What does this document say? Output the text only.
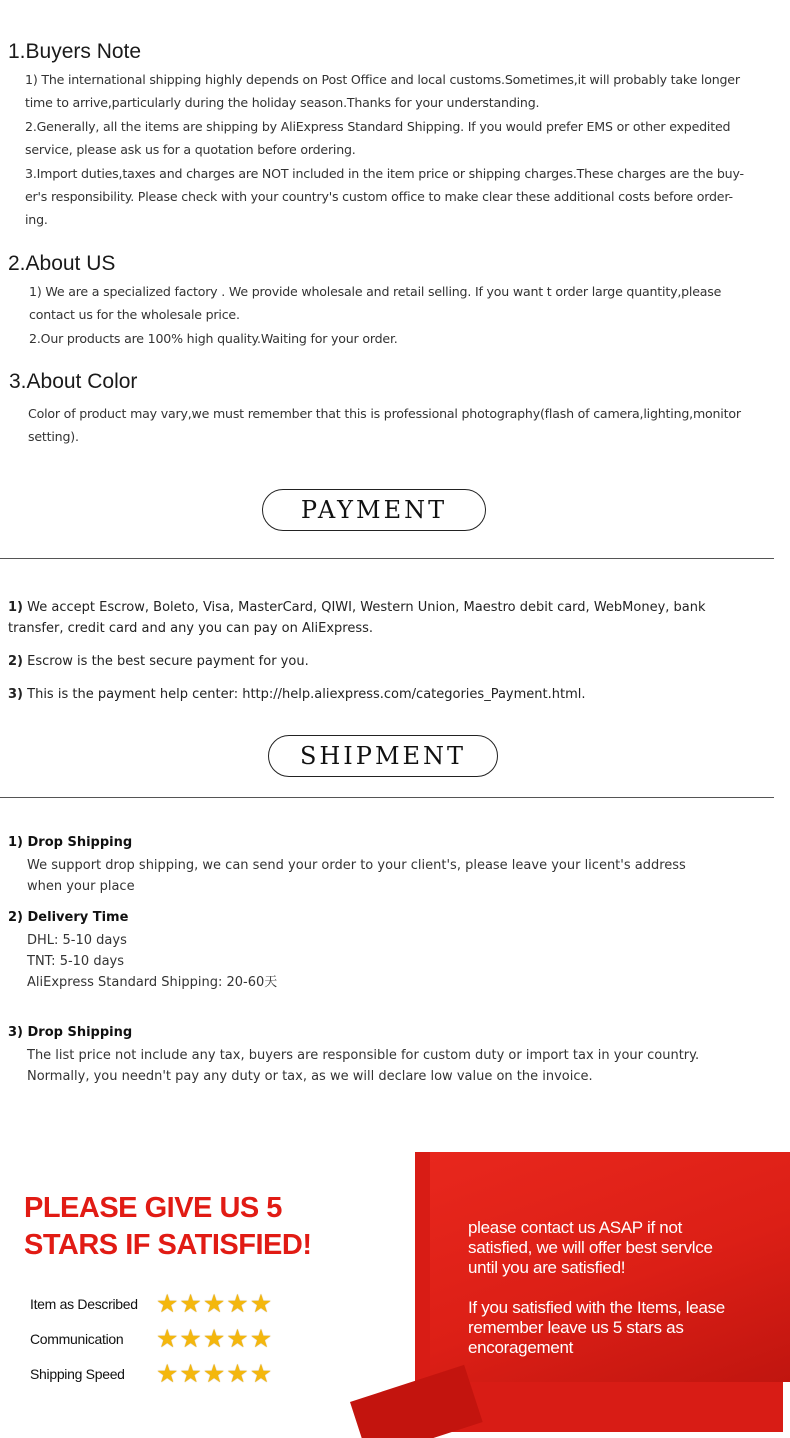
1.Buyers Note
1) The international shipping highly depends on Post Office and local customs.Sometimes,it will probably take longer
time to arrive,particularly during the holiday season.Thanks for your understanding.
2.Generally, all the items are shipping by AliExpress Standard Shipping. If you would prefer EMS or other expedited
service, please ask us for a quotation before ordering.
3.Import duties,taxes and charges are NOT included in the item price or shipping charges.These charges are the buy-
er's responsibility. Please check with your country's custom office to make clear these additional costs before order-
ing.
2.About US
1) We are a specialized factory . We provide wholesale and retail selling. If you want t order large quantity,please
contact us for the wholesale price.
2.Our products are 100% high quality.Waiting for your order.
3.About Color
Color of product may vary,we must remember that this is professional photography(flash of camera,lighting,monitor
setting).
PAYMENT
1) We accept Escrow, Boleto, Visa, MasterCard, QIWI, Western Union, Maestro debit card, WebMoney, bank transfer, credit card and any you can pay on AliExpress.
2) Escrow is the best secure payment for you.
3) This is the payment help center: http://help.aliexpress.com/categories_Payment.html.
SHIPMENT
1) Drop Shipping
We support drop shipping, we can send your order to your client's, please leave your licent's address
when your place
2) Delivery Time
DHL: 5-10 days
TNT: 5-10 days
AliExpress Standard Shipping: 20-60天
3) Drop Shipping
The list price not include any tax, buyers are responsible for custom duty or import tax in your country.
Normally, you needn't pay any duty or tax, as we will declare low value on the invoice.
PLEASE GIVE US 5
STARS IF SATISFIED!
Item as Described ★ ★ ★ ★ ★
Communication	★ ★ ★ ★ ★
Shipping Speed	★ ★ ★ ★ ★
please contact us ASAP if not
satisfied, we will offer best servlce
until you are satisfied!
If you satisfied with the Items, lease
remember leave us 5 stars as
encoragement
